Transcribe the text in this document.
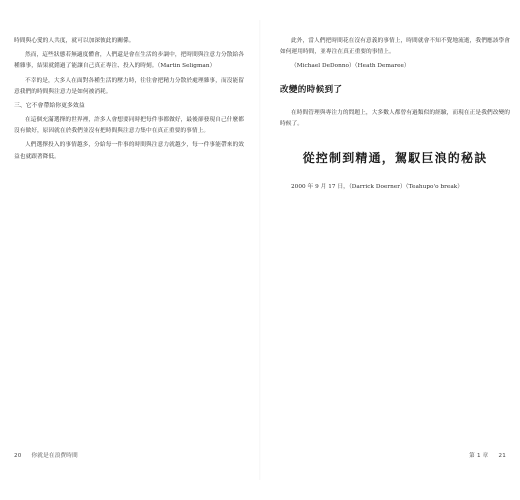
時間與心愛的人共度，就可以加深彼此的關係。

然而，這些狀態若無適度體會，人們還是會在生活的步調中，把時間與注意力分散給各種雜事，結果就錯過了能讓自己真正專注、投入的時刻。（Martin Seligman）

不幸的是，大多人在面對各種生活的壓力時，往往會把精力分散於處理雜事，而沒能留意我們的時間與注意力是如何被消耗。

三、它不會帶給你更多效益

在這個充滿選擇的世界裡，許多人會想要同時把每件事都做好，最後卻發現自己什麼都沒有做好，原因就在於我們並沒有把時間與注意力集中在真正重要的事情上。

人們選擇投入的事情越多，分給每一件事的時間與注意力就越少，每一件事能帶來的效益也就跟著降低。

此外，當人們把時間花在沒有意義的事情上，時間就會不知不覺地流逝，我們應該學會如何運用時間，並專注在真正重要的事情上。

（Michael DeDonno）（Heath Demaree）

改變的時候到了

在時間管理與專注力的問題上，大多數人都曾有過類似的經驗，而現在正是我們改變的時候了。

從控制到精通，駕馭巨浪的秘訣

2000 年 9 月 17 日，（Darrick Doerner）（Teahupo'o break）

20 你就是在浪費時間	第 1 章 21
